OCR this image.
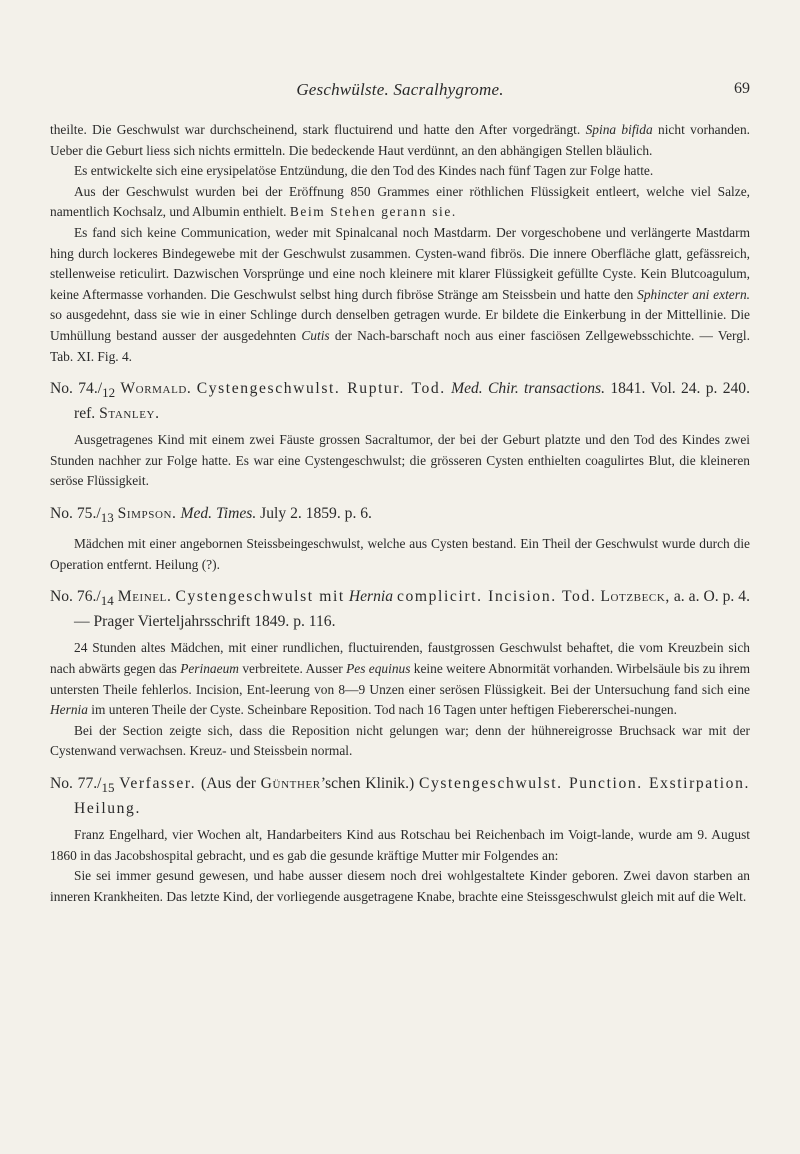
Geschwülste. Sacralhygrome.	69

theilte. Die Geschwulst war durchscheinend, stark fluctuirend und hatte den After vorgedrängt. Spina bifida nicht vorhanden. Ueber die Geburt liess sich nichts ermitteln. Die bedeckende Haut verdünnt, an den abhängigen Stellen bläulich.

Es entwickelte sich eine erysipelatöse Entzündung, die den Tod des Kindes nach fünf Tagen zur Folge hatte.

Aus der Geschwulst wurden bei der Eröffnung 850 Grammes einer röthlichen Flüssigkeit entleert, welche viel Salze, namentlich Kochsalz, und Albumin enthielt. Beim Stehen gerann sie.

Es fand sich keine Communication, weder mit Spinalcanal noch Mastdarm. Der vorgeschobene und verlängerte Mastdarm hing durch lockeres Bindegewebe mit der Geschwulst zusammen. Cysten-wand fibrös. Die innere Oberfläche glatt, gefässreich, stellenweise reticulirt. Dazwischen Vorsprünge und eine noch kleinere mit klarer Flüssigkeit gefüllte Cyste. Kein Blutcoagulum, keine Aftermasse vorhanden. Die Geschwulst selbst hing durch fibröse Stränge am Steissbein und hatte den Sphincter ani extern. so ausgedehnt, dass sie wie in einer Schlinge durch denselben getragen wurde. Er bildete die Einkerbung in der Mittellinie. Die Umhüllung bestand ausser der ausgedehnten Cutis der Nach-barschaft noch aus einer fasciösen Zellgewebsschichte. — Vergl. Tab. XI. Fig. 4.

No. $74./_{12}$ Wormald. Cystengeschwulst. Ruptur. Tod. Med. Chir. transactions. 1841. Vol. 24. p. 240. ref. Stanley.

Ausgetragenes Kind mit einem zwei Fäuste grossen Sacraltumor, der bei der Geburt platzte und den Tod des Kindes zwei Stunden nachher zur Folge hatte. Es war eine Cystengeschwulst; die grösseren Cysten enthielten coagulirtes Blut, die kleineren seröse Flüssigkeit.

No. $75./_{13}$ Simpson. Med. Times. July 2. 1859. p. 6.

Mädchen mit einer angebornen Steissbeingeschwulst, welche aus Cysten bestand. Ein Theil der Geschwulst wurde durch die Operation entfernt. Heilung (?).

No. $76./_{14}$ Meinel. Cystengeschwulst mit Hernia complicirt. Incision. Tod. Lotzbeck, a. a. O. p. 4. — Prager Vierteljahrsschrift 1849. p. 116.

24 Stunden altes Mädchen, mit einer rundlichen, fluctuirenden, faustgrossen Geschwulst behaftet, die vom Kreuzbein sich nach abwärts gegen das Perinaeum verbreitete. Ausser Pes equinus keine weitere Abnormität vorhanden. Wirbelsäule bis zu ihrem untersten Theile fehlerlos. Incision, Ent-leerung von 8—9 Unzen einer serösen Flüssigkeit. Bei der Untersuchung fand sich eine Hernia im unteren Theile der Cyste. Scheinbare Reposition. Tod nach 16 Tagen unter heftigen Fiebererschei-nungen.

Bei der Section zeigte sich, dass die Reposition nicht gelungen war; denn der hühnereigrosse Bruchsack war mit der Cystenwand verwachsen. Kreuz- und Steissbein normal.

No. $77./_{15}$ Verfasser. (Aus der Günther’schen Klinik.) Cystengeschwulst. Punction. Exstirpation. Heilung.

Franz Engelhard, vier Wochen alt, Handarbeiters Kind aus Rotschau bei Reichenbach im Voigt-lande, wurde am 9. August 1860 in das Jacobshospital gebracht, und es gab die gesunde kräftige Mutter mir Folgendes an:

Sie sei immer gesund gewesen, und habe ausser diesem noch drei wohlgestaltete Kinder geboren. Zwei davon starben an inneren Krankheiten. Das letzte Kind, der vorliegende ausgetragene Knabe, brachte eine Steissgeschwulst gleich mit auf die Welt.
